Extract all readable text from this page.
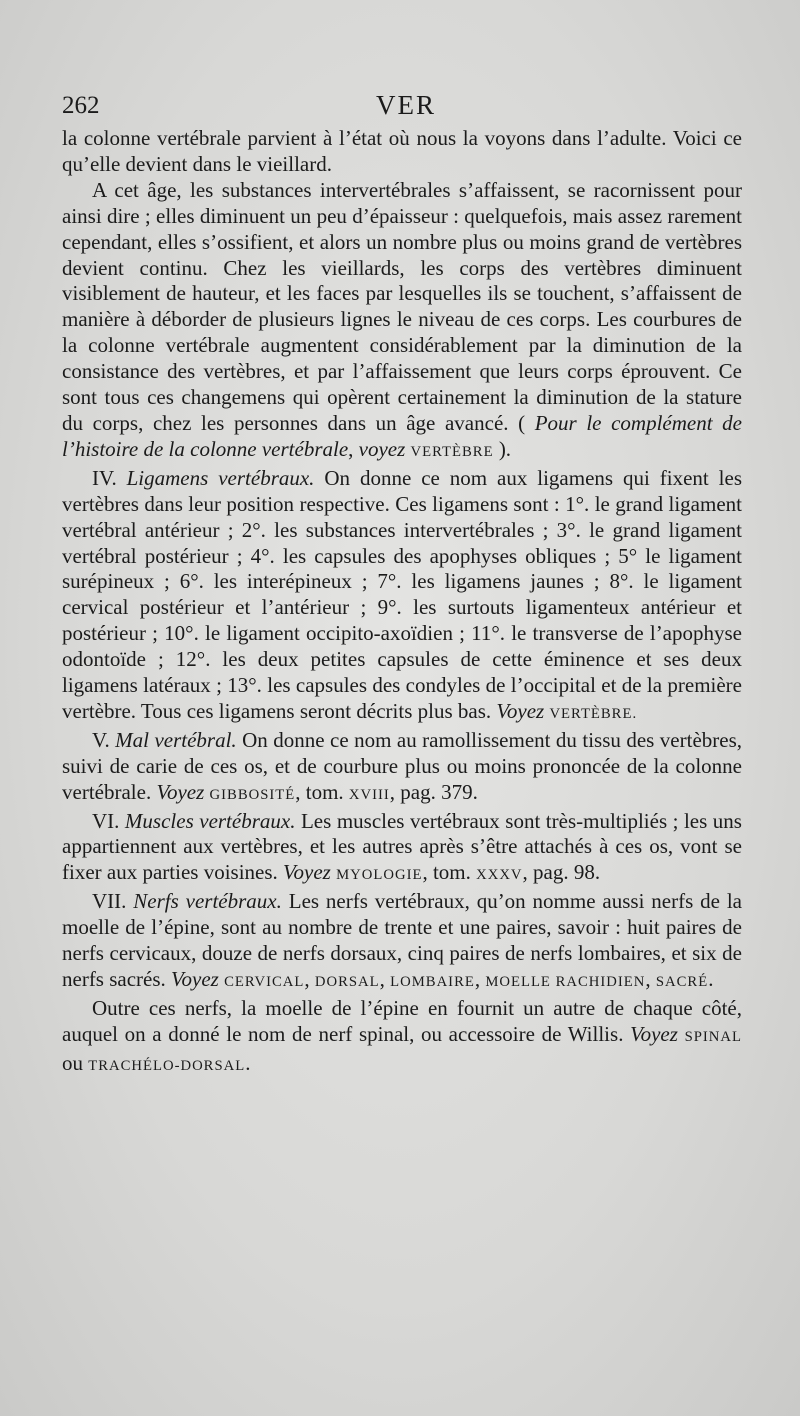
262	VER

la colonne vertébrale parvient à l’état où nous la voyons dans l’adulte. Voici ce qu’elle devient dans le vieillard.

A cet âge, les substances intervertébrales s’affaissent, se racornissent pour ainsi dire ; elles diminuent un peu d’épaisseur : quelquefois, mais assez rarement cependant, elles s’ossifient, et alors un nombre plus ou moins grand de vertèbres devient continu. Chez les vieillards, les corps des vertèbres diminuent visiblement de hauteur, et les faces par lesquelles ils se touchent, s’affaissent de manière à déborder de plusieurs lignes le niveau de ces corps. Les courbures de la colonne vertébrale augmentent considérablement par la diminution de la consistance des vertèbres, et par l’affaissement que leurs corps éprouvent. Ce sont tous ces changemens qui opèrent certainement la diminution de la stature du corps, chez les personnes dans un âge avancé. ( Pour le complément de l’histoire de la colonne vertébrale, voyez VERTÈBRE ).

IV. Ligamens vertébraux. On donne ce nom aux ligamens qui fixent les vertèbres dans leur position respective. Ces ligamens sont : 1°. le grand ligament vertébral antérieur ; 2°. les substances intervertébrales ; 3°. le grand ligament vertébral postérieur ; 4°. les capsules des apophyses obliques ; 5° le ligament surépineux ; 6°. les interépineux ; 7°. les ligamens jaunes ; 8°. le ligament cervical postérieur et l’antérieur ; 9°. les surtouts ligamenteux antérieur et postérieur ; 10°. le ligament occipito-axoïdien ; 11°. le transverse de l’apophyse odontoïde ; 12°. les deux petites capsules de cette éminence et ses deux ligamens latéraux ; 13°. les capsules des condyles de l’occipital et de la première vertèbre. Tous ces ligamens seront décrits plus bas. Voyez VERTÈBRE.

V. Mal vertébral. On donne ce nom au ramollissement du tissu des vertèbres, suivi de carie de ces os, et de courbure plus ou moins prononcée de la colonne vertébrale. Voyez GIBBOSITÉ, tom. XVIII, pag. 379.

VI. Muscles vertébraux. Les muscles vertébraux sont très-multipliés ; les uns appartiennent aux vertèbres, et les autres après s’être attachés à ces os, vont se fixer aux parties voisines. Voyez MYOLOGIE, tom. XXXV, pag. 98.

VII. Nerfs vertébraux. Les nerfs vertébraux, qu’on nomme aussi nerfs de la moelle de l’épine, sont au nombre de trente et une paires, savoir : huit paires de nerfs cervicaux, douze de nerfs dorsaux, cinq paires de nerfs lombaires, et six de nerfs sacrés. Voyez CERVICAL, DORSAL, LOMBAIRE, MOELLE RACHIDIEN, SACRÉ.

Outre ces nerfs, la moelle de l’épine en fournit un autre de chaque côté, auquel on a donné le nom de nerf spinal, ou accessoire de Willis. Voyez SPINAL ou TRACHÉLO-DORSAL.
